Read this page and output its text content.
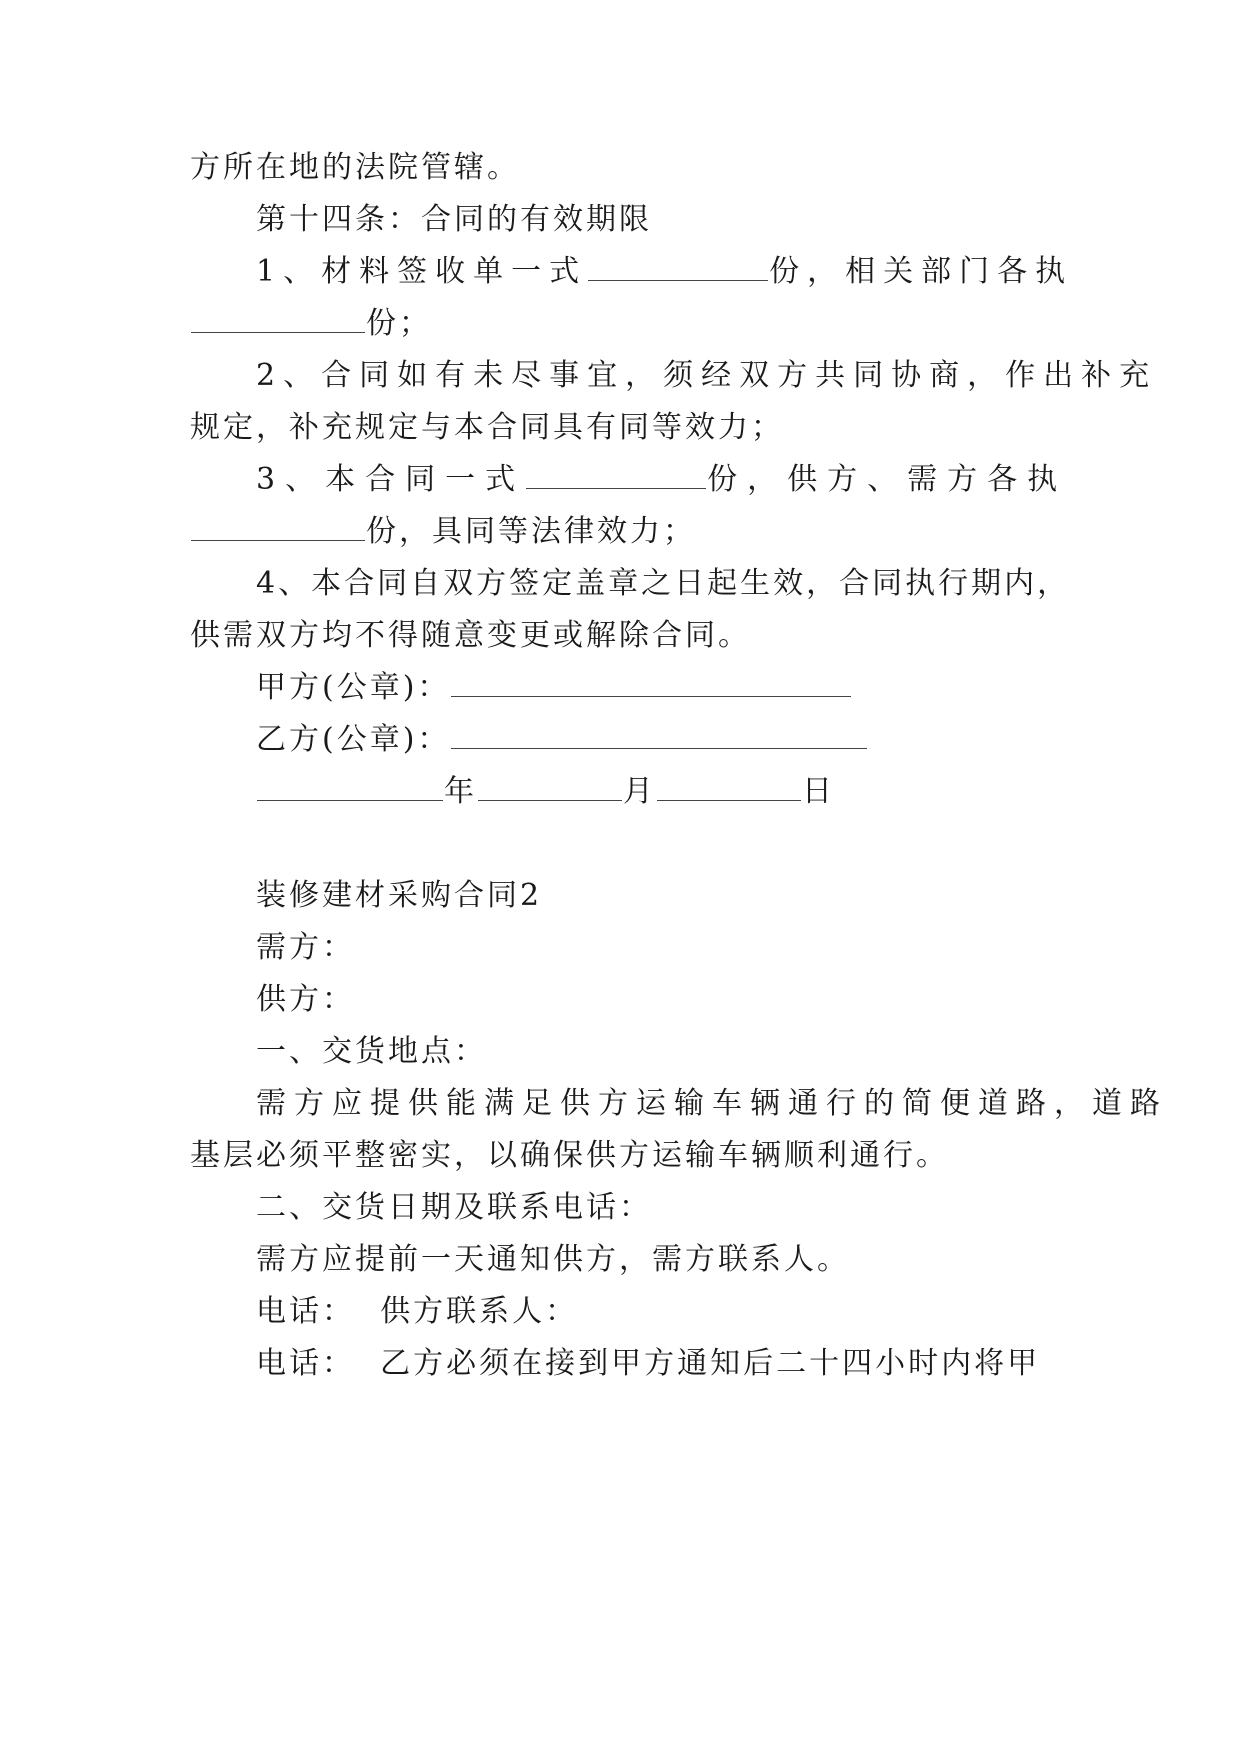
方所在地的法院管辖。
第十四条：合同的有效期限
1、材料签收单一式	份，相关部门各执
份；
2、合同如有未尽事宜，须经双方共同协商，作出补充
规定，补充规定与本合同具有同等效力；
3、本合同一式	份，供方、需方各执
份，具同等法律效力；
4、本合同自双方签定盖章之日起生效，合同执行期内，
供需双方均不得随意变更或解除合同。
甲方(公章)：
乙方(公章)：
年	月	日
装修建材采购合同2
需方：
供方：
一、交货地点：
需方应提供能满足供方运输车辆通行的简便道路，道路
基层必须平整密实，以确保供方运输车辆顺利通行。
二、交货日期及联系电话：
需方应提前一天通知供方，需方联系人。
电话：  供方联系人：
电话：  乙方必须在接到甲方通知后二十四小时内将甲
